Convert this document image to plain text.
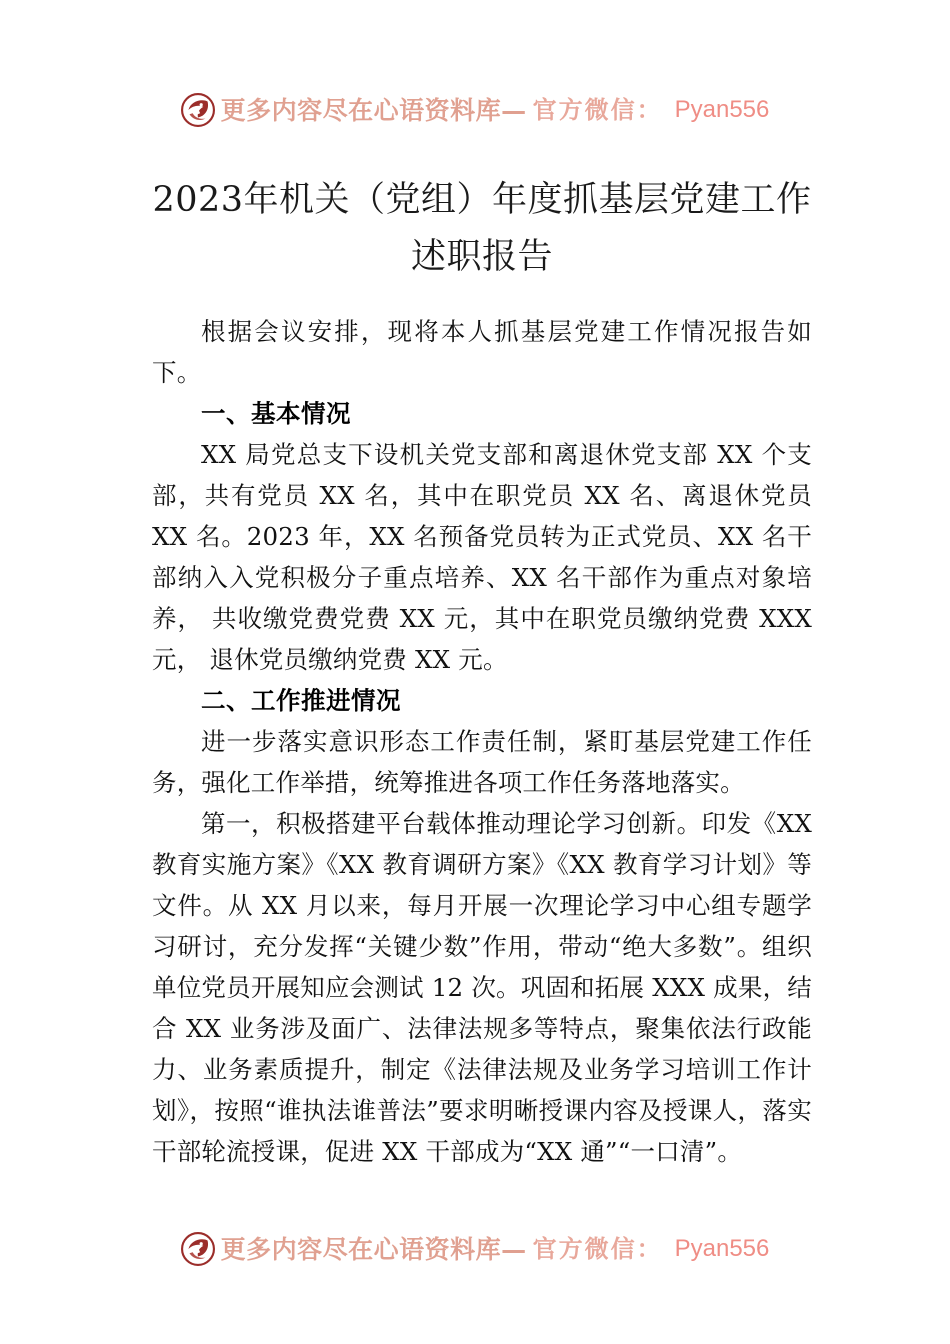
更多内容尽在心语资料库— 官方微信： Pyan556
2023年机关（党组）年度抓基层党建工作述职报告

根据会议安排，现将本人抓基层党建工作情况报告如下。

一、基本情况

XX 局党总支下设机关党支部和离退休党支部 XX 个支部，共有党员 XX 名，其中在职党员 XX 名、离退休党员 XX 名。2023 年，XX 名预备党员转为正式党员、XX 名干部纳入入党积极分子重点培养、XX 名干部作为重点对象培养， 共收缴党费党费 XX 元，其中在职党员缴纳党费 XXX 元， 退休党员缴纳党费 XX 元。

二、工作推进情况

进一步落实意识形态工作责任制，紧盯基层党建工作任务，强化工作举措，统筹推进各项工作任务落地落实。

第一，积极搭建平台载体推动理论学习创新。印发《XX 教育实施方案》《XX 教育调研方案》《XX 教育学习计划》等文件。从 XX 月以来，每月开展一次理论学习中心组专题学习研讨，充分发挥“关键少数”作用，带动“绝大多数”。组织单位党员开展知应会测试 12 次。巩固和拓展 XXX 成果，结合 XX 业务涉及面广、法律法规多等特点，聚集依法行政能力、业务素质提升，制定《法律法规及业务学习培训工作计划》，按照“谁执法谁普法”要求明晰授课内容及授课人，落实干部轮流授课，促进 XX 干部成为“XX 通”“一口清”。

更多内容尽在心语资料库— 官方微信： Pyan556
